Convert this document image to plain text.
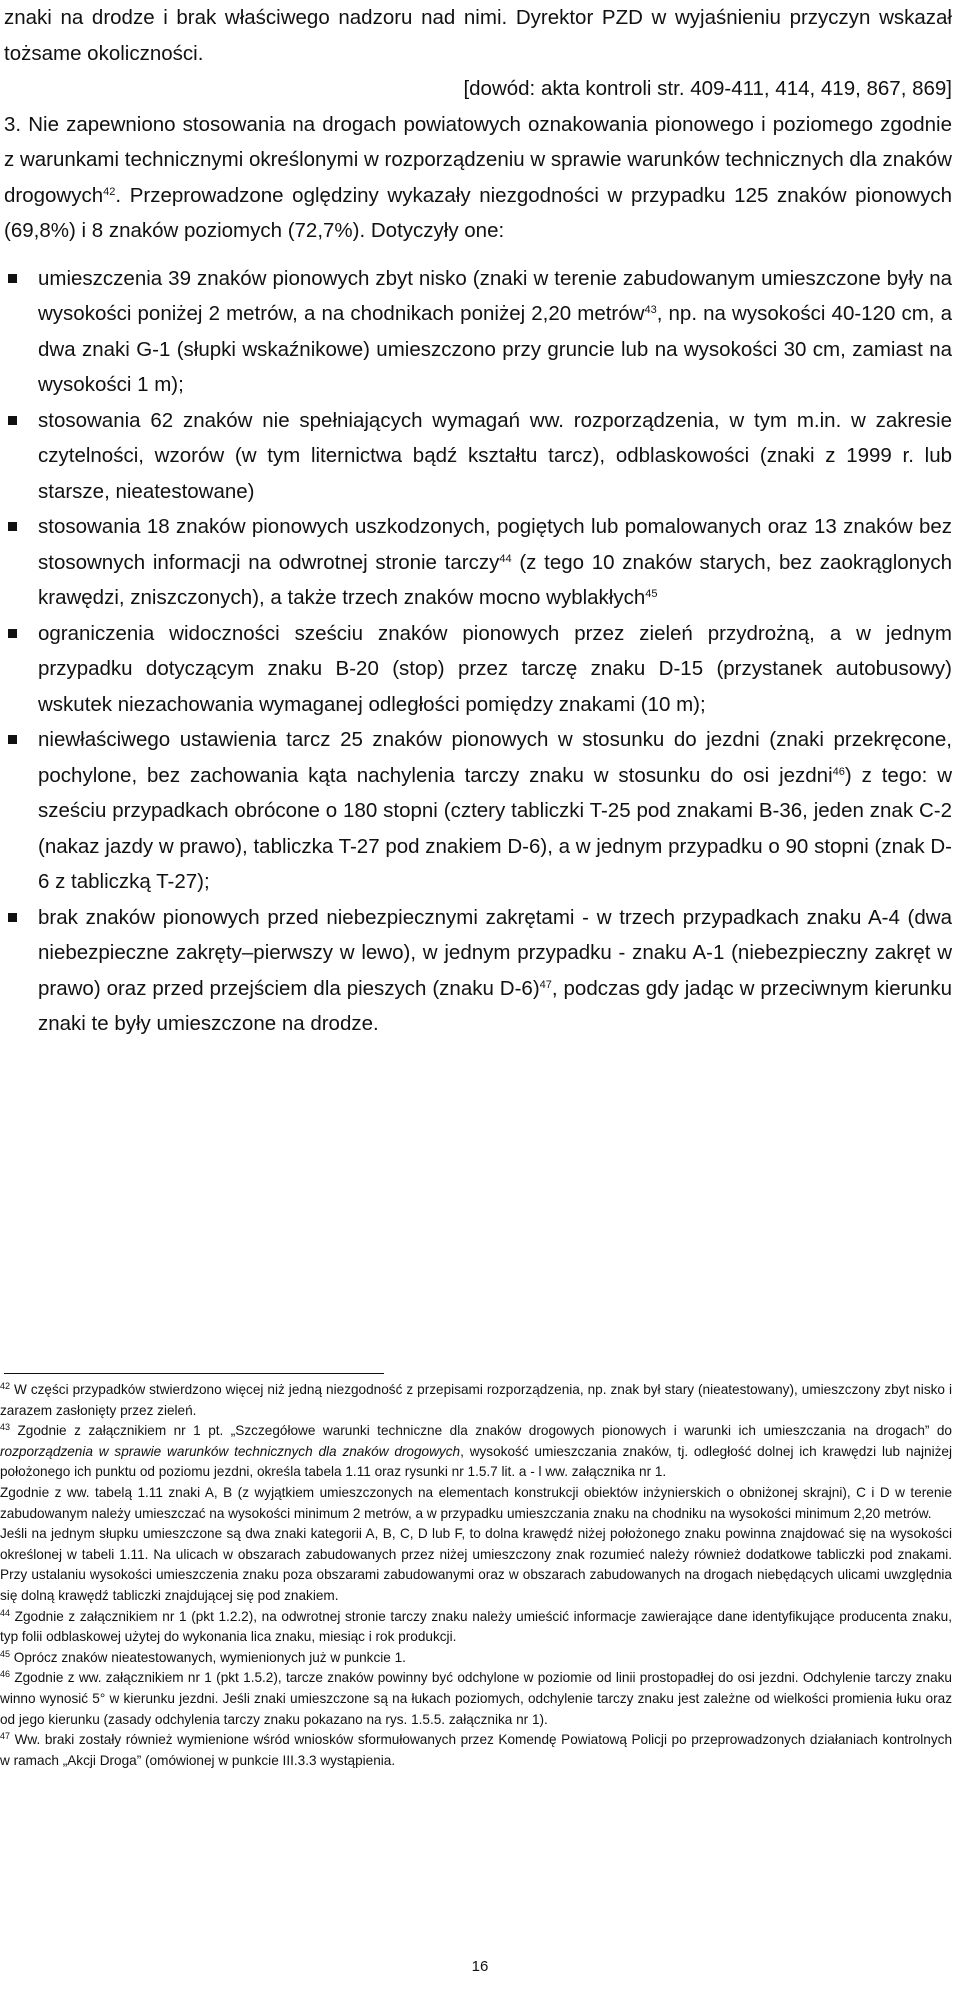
znaki na drodze i brak właściwego nadzoru nad nimi. Dyrektor PZD w wyjaśnieniu przyczyn wskazał tożsame okoliczności.

[dowód: akta kontroli str. 409-411, 414, 419, 867, 869]

3. Nie zapewniono stosowania na drogach powiatowych oznakowania pionowego i poziomego zgodnie z warunkami technicznymi określonymi w rozporządzeniu w sprawie warunków technicznych dla znaków drogowych$^{42}$. Przeprowadzone oględziny wykazały niezgodności w przypadku 125 znaków pionowych (69,8%) i 8 znaków poziomych (72,7%). Dotyczyły one:

umieszczenia 39 znaków pionowych zbyt nisko (znaki w terenie zabudowanym umieszczone były na wysokości poniżej 2 metrów, a na chodnikach poniżej 2,20 metrów$^{43}$, np. na wysokości 40-120 cm, a dwa znaki G-1 (słupki wskaźnikowe) umieszczono przy gruncie lub na wysokości 30 cm, zamiast na wysokości 1 m);

stosowania 62 znaków nie spełniających wymagań ww. rozporządzenia, w tym m.in. w zakresie czytelności, wzorów (w tym liternictwa bądź kształtu tarcz), odblaskowości (znaki z 1999 r. lub starsze, nieatestowane)

stosowania 18 znaków pionowych uszkodzonych, pogiętych lub pomalowanych oraz 13 znaków bez stosownych informacji na odwrotnej stronie tarczy$^{44}$ (z tego 10 znaków starych, bez zaokrąglonych krawędzi, zniszczonych), a także trzech znaków mocno wyblakłych$^{45}$

ograniczenia widoczności sześciu znaków pionowych przez zieleń przydrożną, a w jednym przypadku dotyczącym znaku B-20 (stop) przez tarczę znaku D-15 (przystanek autobusowy) wskutek niezachowania wymaganej odległości pomiędzy znakami (10 m);

niewłaściwego ustawienia tarcz 25 znaków pionowych w stosunku do jezdni (znaki przekręcone, pochylone, bez zachowania kąta nachylenia tarczy znaku w stosunku do osi jezdni$^{46}$) z tego: w sześciu przypadkach obrócone o 180 stopni (cztery tabliczki T-25 pod znakami B-36, jeden znak C-2 (nakaz jazdy w prawo), tabliczka T-27 pod znakiem D-6), a w jednym przypadku o 90 stopni (znak D-6 z tabliczką T-27);

brak znaków pionowych przed niebezpiecznymi zakrętami - w trzech przypadkach znaku A-4 (dwa niebezpieczne zakręty–pierwszy w lewo), w jednym przypadku - znaku A-1 (niebezpieczny zakręt w prawo) oraz przed przejściem dla pieszych (znaku D-6)$^{47}$, podczas gdy jadąc w przeciwnym kierunku znaki te były umieszczone na drodze.

$^{42}$ W części przypadków stwierdzono więcej niż jedną niezgodność z przepisami rozporządzenia, np. znak był stary (nieatestowany), umieszczony zbyt nisko i zarazem zasłonięty przez zieleń.

$^{43}$ Zgodnie z załącznikiem nr 1 pt. „Szczegółowe warunki techniczne dla znaków drogowych pionowych i warunki ich umieszczania na drogach” do rozporządzenia w sprawie warunków technicznych dla znaków drogowych, wysokość umieszczania znaków, tj. odległość dolnej ich krawędzi lub najniżej położonego ich punktu od poziomu jezdni, określa tabela 1.11 oraz rysunki nr 1.5.7 lit. a - l ww. załącznika nr 1.

Zgodnie z ww. tabelą 1.11 znaki A, B (z wyjątkiem umieszczonych na elementach konstrukcji obiektów inżynierskich o obniżonej skrajni), C i D w terenie zabudowanym należy umieszczać na wysokości minimum 2 metrów, a w przypadku umieszczania znaku na chodniku na wysokości minimum 2,20 metrów.

Jeśli na jednym słupku umieszczone są dwa znaki kategorii A, B, C, D lub F, to dolna krawędź niżej położonego znaku powinna znajdować się na wysokości określonej w tabeli 1.11. Na ulicach w obszarach zabudowanych przez niżej umieszczony znak rozumieć należy również dodatkowe tabliczki pod znakami. Przy ustalaniu wysokości umieszczenia znaku poza obszarami zabudowanymi oraz w obszarach zabudowanych na drogach niebędących ulicami uwzględnia się dolną krawędź tabliczki znajdującej się pod znakiem.

$^{44}$ Zgodnie z załącznikiem nr 1 (pkt 1.2.2), na odwrotnej stronie tarczy znaku należy umieścić informacje zawierające dane identyfikujące producenta znaku, typ folii odblaskowej użytej do wykonania lica znaku, miesiąc i rok produkcji.

$^{45}$ Oprócz znaków nieatestowanych, wymienionych już w punkcie 1.

$^{46}$ Zgodnie z ww. załącznikiem nr 1 (pkt 1.5.2), tarcze znaków powinny być odchylone w poziomie od linii prostopadłej do osi jezdni. Odchylenie tarczy znaku winno wynosić 5° w kierunku jezdni. Jeśli znaki umieszczone są na łukach poziomych, odchylenie tarczy znaku jest zależne od wielkości promienia łuku oraz od jego kierunku (zasady odchylenia tarczy znaku pokazano na rys. 1.5.5. załącznika nr 1).

$^{47}$ Ww. braki zostały również wymienione wśród wniosków sformułowanych przez Komendę Powiatową Policji po przeprowadzonych działaniach kontrolnych w ramach „Akcji Droga” (omówionej w punkcie III.3.3 wystąpienia.

16
